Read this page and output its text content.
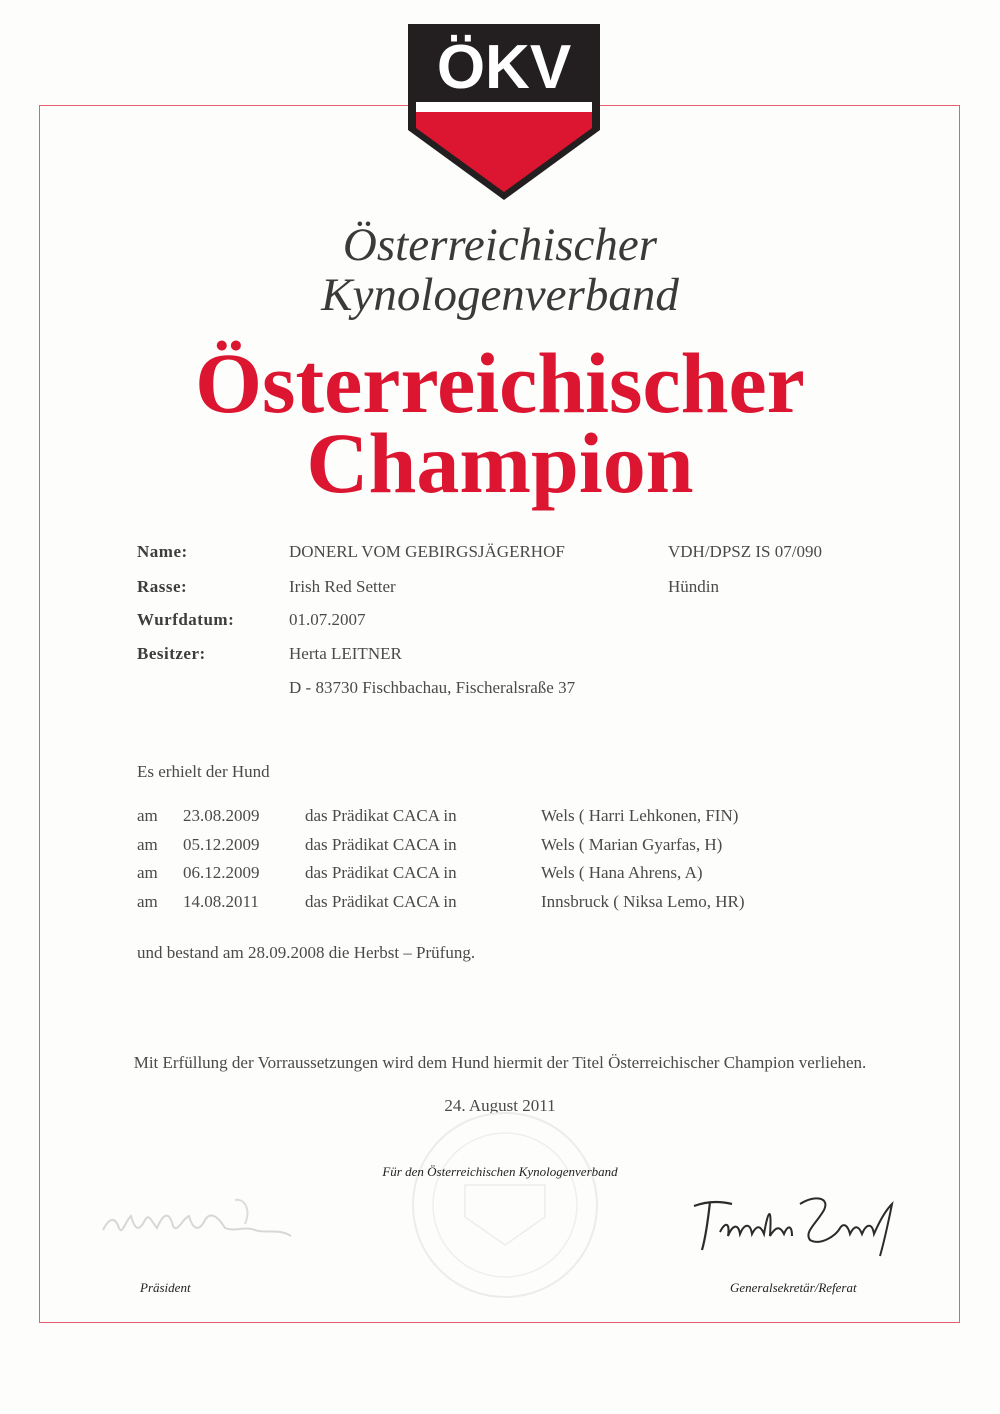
ÖKV
Österreichischer
Kynologenverband
Österreichischer
Champion
Name:	DONERL VOM GEBIRGSJÄGERHOF	VDH/DPSZ IS 07/090
Rasse:	Irish Red Setter	Hündin
Wurfdatum:	01.07.2007
Besitzer:	Herta LEITNER
D - 83730 Fischbachau, Fischeralsraße 37
Es erhielt der Hund
am 23.08.2009	das Prädikat CACA in	Wels ( Harri Lehkonen, FIN)
am 05.12.2009	das Prädikat CACA in	Wels ( Marian Gyarfas, H)
am 06.12.2009	das Prädikat CACA in	Wels ( Hana Ahrens, A)
am 14.08.2011	das Prädikat CACA in	Innsbruck ( Niksa Lemo, HR)
und bestand am 28.09.2008 die Herbst – Prüfung.
Mit Erfüllung der Vorraussetzungen wird dem Hund hiermit der Titel Österreichischer Champion verliehen.
24. August 2011
Für den Österreichischen Kynologenverband
Präsident	Generalsekretär/Referat
